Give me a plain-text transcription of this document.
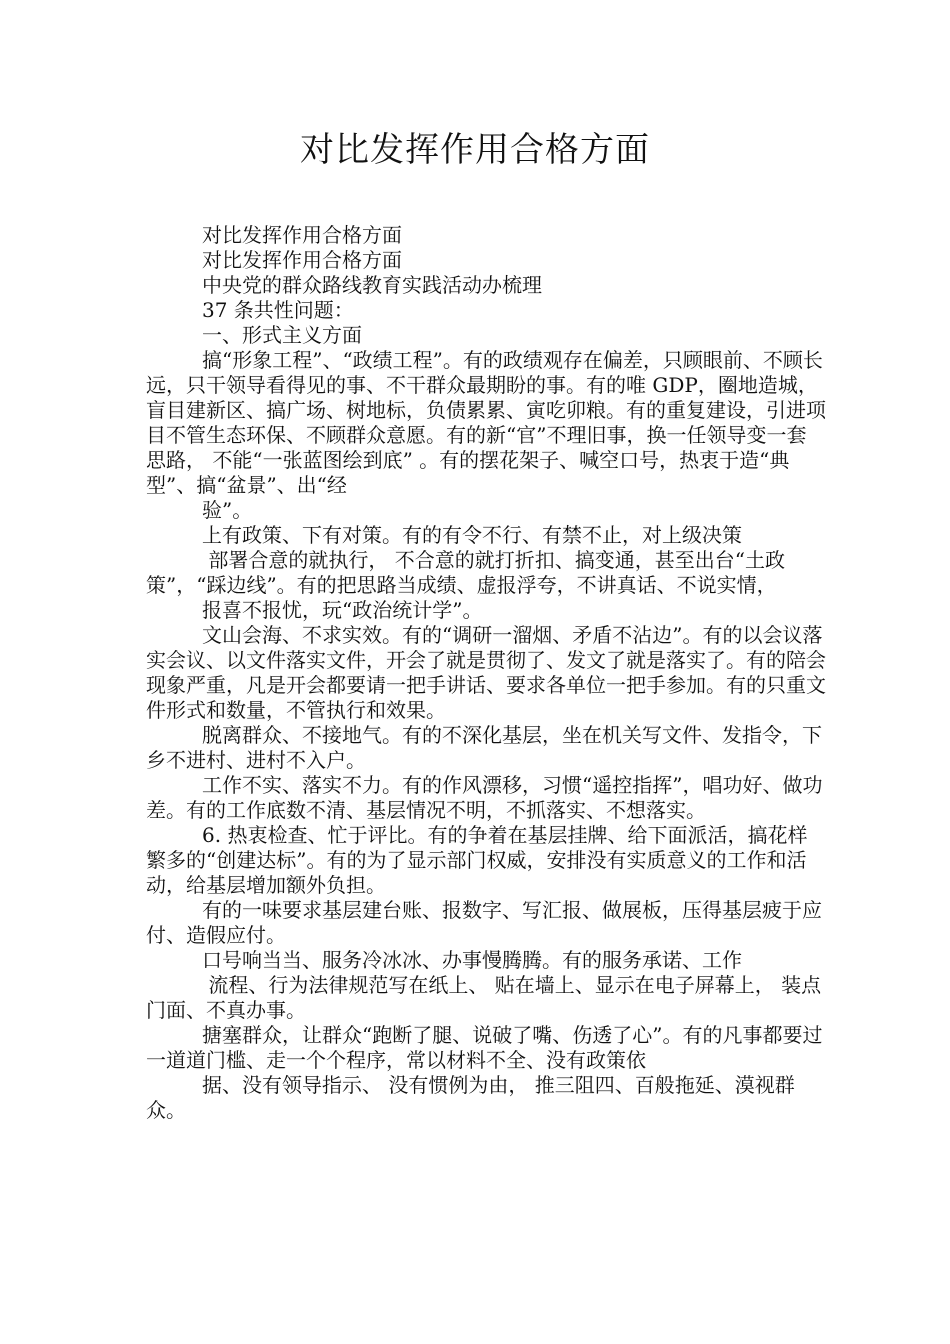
对比发挥作用合格方面

对比发挥作用合格方面

对比发挥作用合格方面

中央党的群众路线教育实践活动办梳理

37 条共性问题：

一、形式主义方面

搞“形象工程”、“政绩工程”。有的政绩观存在偏差，只顾眼前、不顾长远，只干领导看得见的事、不干群众最期盼的事。有的唯 GDP，圈地造城，盲目建新区、搞广场、树地标，负债累累、寅吃卯粮。有的重复建设，引进项目不管生态环保、不顾群众意愿。有的新“官”不理旧事，换一任领导变一套思路， 不能“一张蓝图绘到底” 。有的摆花架子、喊空口号，热衷于造“典型”、搞“盆景”、出“经

验”。

上有政策、下有对策。有的有令不行、有禁不止，对上级决策

部署合意的就执行， 不合意的就打折扣、搞变通，甚至出台“土政策”，“踩边线”。有的把思路当成绩、虚报浮夸，不讲真话、不说实情，

报喜不报忧，玩“政治统计学”。

文山会海、不求实效。有的“调研一溜烟、矛盾不沾边”。有的以会议落实会议、以文件落实文件，开会了就是贯彻了、发文了就是落实了。有的陪会现象严重，凡是开会都要请一把手讲话、要求各单位一把手参加。有的只重文件形式和数量，不管执行和效果。

脱离群众、不接地气。有的不深化基层，坐在机关写文件、发指令，下乡不进村、进村不入户。

工作不实、落实不力。有的作风漂移，习惯“遥控指挥”，唱功好、做功差。有的工作底数不清、基层情况不明，不抓落实、不想落实。

6. 热衷检查、忙于评比。有的争着在基层挂牌、给下面派活，搞花样繁多的“创建达标”。有的为了显示部门权威，安排没有实质意义的工作和活动，给基层增加额外负担。

有的一味要求基层建台账、报数字、写汇报、做展板，压得基层疲于应付、造假应付。

口号响当当、服务冷冰冰、办事慢腾腾。有的服务承诺、工作

流程、行为法律规范写在纸上、 贴在墙上、显示在电子屏幕上， 装点门面、不真办事。

搪塞群众，让群众“跑断了腿、说破了嘴、伤透了心”。有的凡事都要过一道道门槛、走一个个程序，常以材料不全、没有政策依

据、没有领导指示、 没有惯例为由， 推三阻四、百般拖延、漠视群众。
